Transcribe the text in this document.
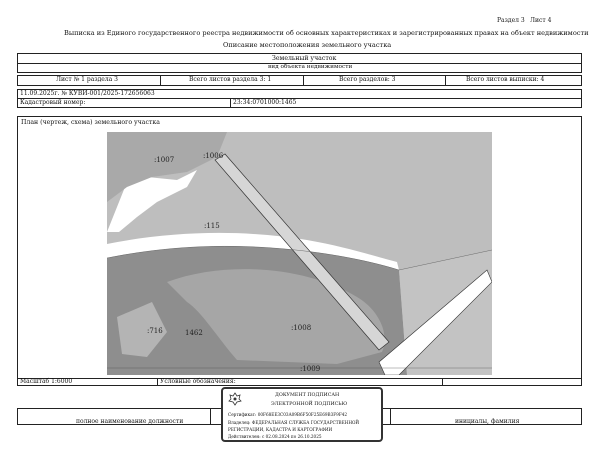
Раздел 3 Лист 4
Выписка из Единого государственного реестра недвижимости об основных характеристиках и зарегистрированных правах на объект недвижимости
Описание местоположения земельного участка
Земельный участок
вид объекта недвижимости
Лист № 1 раздела 3	Всего листов раздела 3: 1	Всего разделов: 3	Всего листов выписки: 4
11.09.2025г. № КУВИ-001/2025-172656063
Кадастровый номер:	23:34:0701000:1465
План (чертеж, схема) земельного участка
:1007	:1006
:115
:716	1462
:1008
:1009
Масштаб 1:6000	Условные обозначения:
полное наименование должности	инициалы, фамилия
ДОКУМЕНТ ПОДПИСАН
ЭЛЕКТРОННОЙ ПОДПИСЬЮ
Сертификат: 00F68EE3C03A09B6F50F25E69B3F9F42
Владелец: ФЕДЕРАЛЬНАЯ СЛУЖБА ГОСУДАРСТВЕННОЙ
РЕГИСТРАЦИИ, КАДАСТРА И КАРТОГРАФИИ
Действителен: с 02.08.2024 по 26.10.2025
